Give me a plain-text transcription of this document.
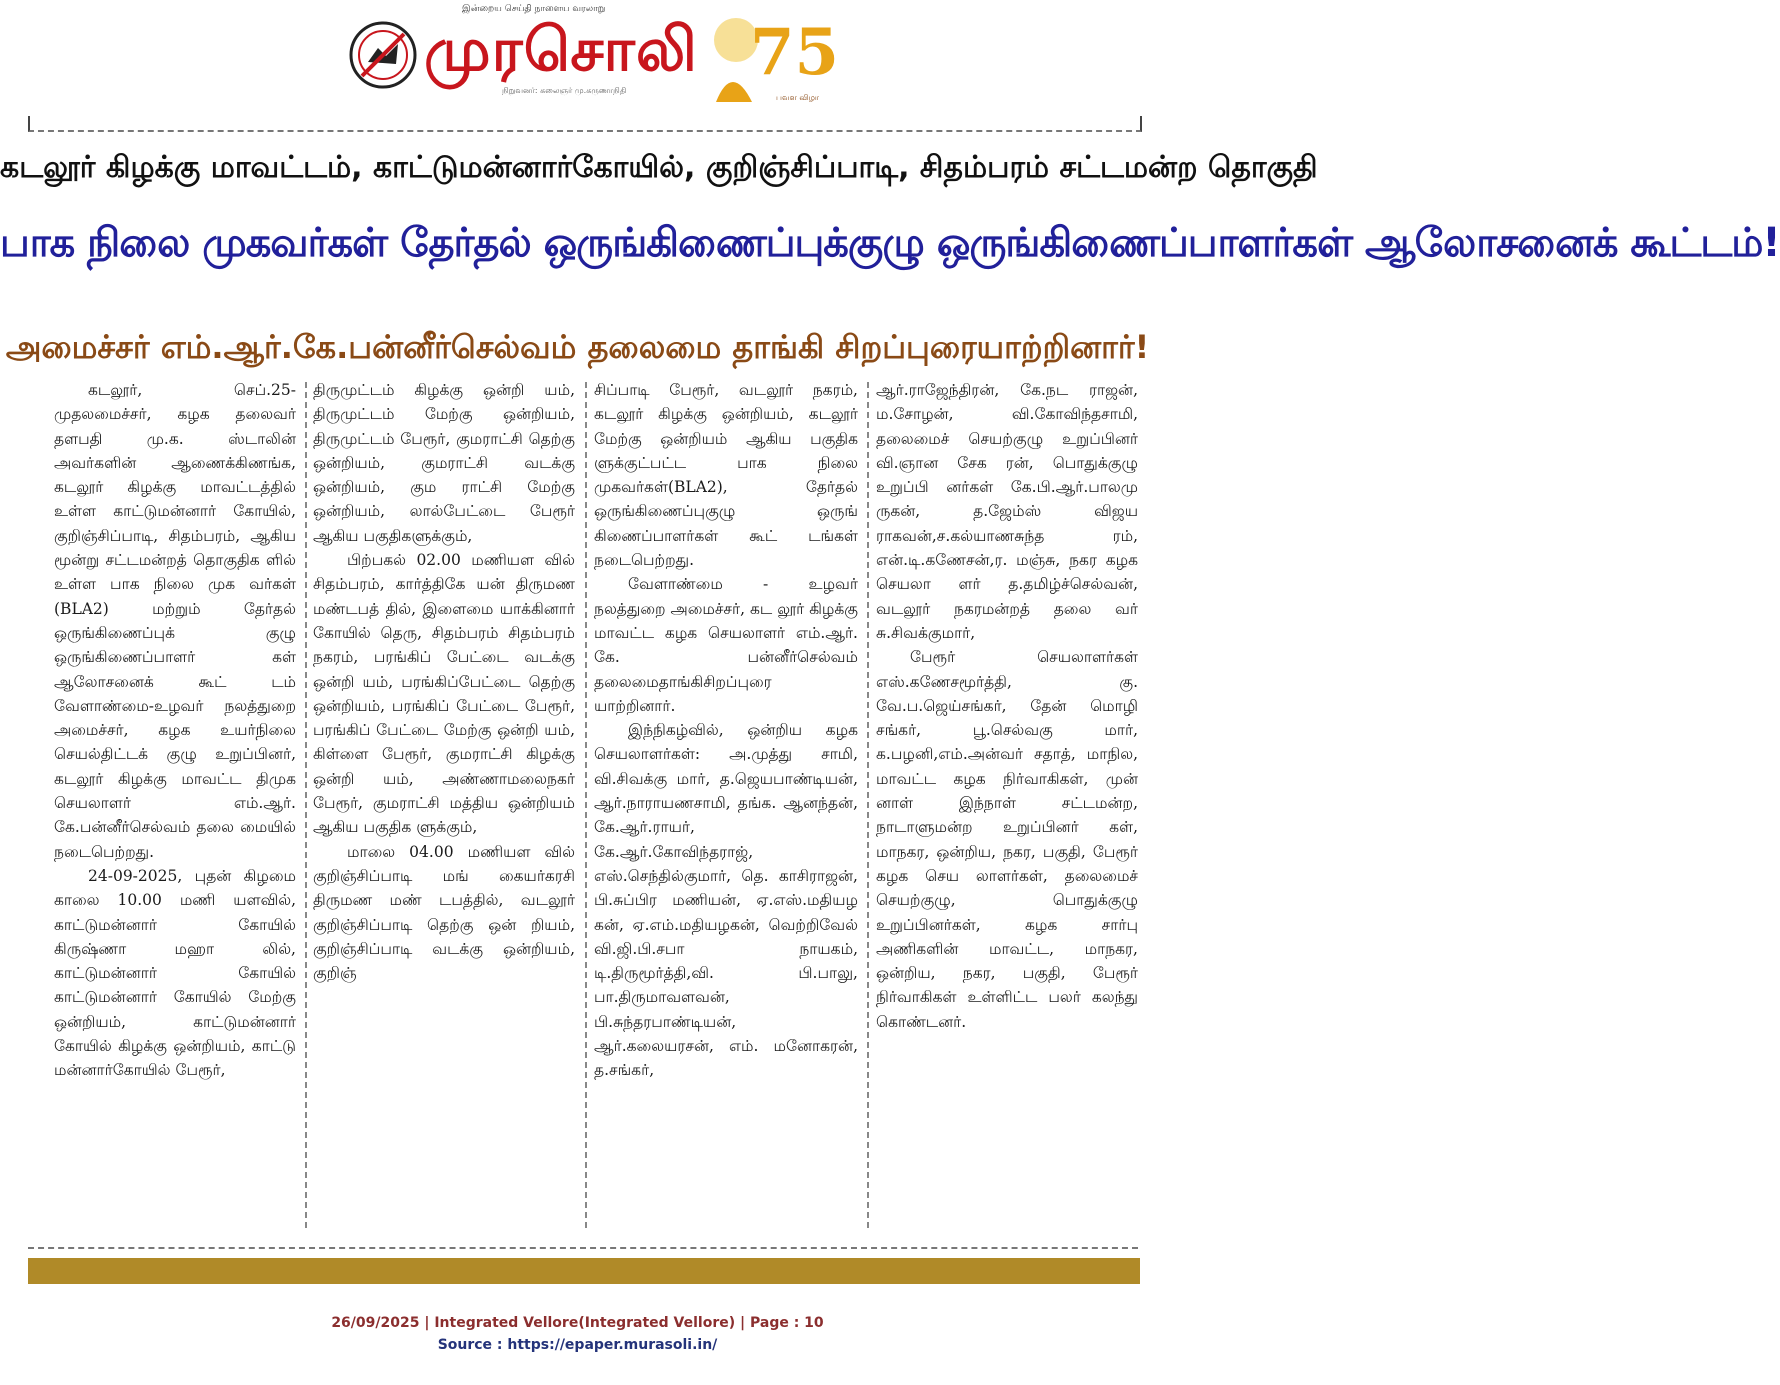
இன்றைய செய்தி நாளைய வரலாறு
முரசொலி
நிறுவனர்: கலைஞர் மு.கருணாநிதி
75
பவள விழா
கடலூர் கிழக்கு மாவட்டம், காட்டுமன்னார்கோயில், குறிஞ்சிப்பாடி, சிதம்பரம் சட்டமன்ற தொகுதி
பாக நிலை முகவர்கள் தேர்தல் ஒருங்கிணைப்புக்குழு ஒருங்கிணைப்பாளர்கள் ஆலோசனைக் கூட்டம்!
அமைச்சர் எம்.ஆர்.கே.பன்னீர்செல்வம் தலைமை தாங்கி சிறப்புரையாற்றினார்!

கடலூர், செப்.25- முதலமைச்சர், கழக தலைவர் தளபதி மு.க. ஸ்டாலின் அவர்களின் ஆணைக்கிணங்க, கடலூர் கிழக்கு மாவட்டத்தில் உள்ள காட்டுமன்னார் கோயில், குறிஞ்சிப்பாடி, சிதம்பரம், ஆகிய மூன்று சட்டமன்றத் தொகுதிக ளில் உள்ள பாக நிலை முக வர்கள் (BLA2) மற்றும் தேர்தல் ஒருங்கிணைப்புக் குழு ஒருங்கிணைப்பாளர் கள் ஆலோசனைக் கூட் டம் வேளாண்மை-உழவர் நலத்துறை அமைச்சர், கழக உயர்நிலை செயல்திட்டக் குழு உறுப்பினர், கடலூர் கிழக்கு மாவட்ட திமுக செயலாளர் எம்.ஆர். கே.பன்னீர்செல்வம் தலை மையில் நடைபெற்றது.

24-09-2025, புதன் கிழமை காலை 10.00 மணி யளவில், காட்டுமன்னார் கோயில் கிருஷ்ணா மஹா லில், காட்டுமன்னார் கோயில் காட்டுமன்னார் கோயில் மேற்கு ஒன்றியம், காட்டுமன்னார் கோயில் கிழக்கு ஒன்றியம், காட்டு மன்னார்கோயில் பேரூர்,

திருமுட்டம் கிழக்கு ஒன்றி யம், திருமுட்டம் மேற்கு ஒன்றியம், திருமுட்டம் பேரூர், குமராட்சி தெற்கு ஒன்றியம், குமராட்சி வடக்கு ஒன்றியம், கும ராட்சி மேற்கு ஒன்றியம், லால்பேட்டை பேரூர் ஆகிய பகுதிகளுக்கும்,

பிற்பகல் 02.00 மணியள வில் சிதம்பரம், கார்த்திகே யன் திருமண மண்டபத் தில், இளைமை யாக்கினார் கோயில் தெரு, சிதம்பரம் சிதம்பரம் நகரம், பரங்கிப் பேட்டை வடக்கு ஒன்றி யம், பரங்கிப்பேட்டை தெற்கு ஒன்றியம், பரங்கிப் பேட்டை பேரூர், பரங்கிப் பேட்டை மேற்கு ஒன்றி யம், கிள்ளை பேரூர், குமராட்சி கிழக்கு ஒன்றி யம், அண்ணாமலைநகர் பேரூர், குமராட்சி மத்திய ஒன்றியம் ஆகிய பகுதிக ளுக்கும்,

மாலை 04.00 மணியள வில் குறிஞ்சிப்பாடி மங் கையர்கரசி திருமண மண் டபத்தில், வடலூர் குறிஞ்சிப்பாடி தெற்கு ஒன் றியம், குறிஞ்சிப்பாடி வடக்கு ஒன்றியம், குறிஞ்

சிப்பாடி பேரூர், வடலூர் நகரம், கடலூர் கிழக்கு ஒன்றியம், கடலூர் மேற்கு ஒன்றியம் ஆகிய பகுதிக ளுக்குட்பட்ட பாக நிலை முகவர்கள்(BLA2), தேர்தல் ஒருங்கிணைப்புகுழு ஒருங் கிணைப்பாளர்கள் கூட் டங்கள் நடைபெற்றது.

வேளாண்மை - உழவர் நலத்துறை அமைச்சர், கட லூர் கிழக்கு மாவட்ட கழக செயலாளர் எம்.ஆர். கே. பன்னீர்செல்வம் தலைமைதாங்கிசிறப்புரை யாற்றினார்.

இந்நிகழ்வில், ஒன்றிய கழக செயலாளர்கள்: அ.முத்து சாமி, வி.சிவக்கு மார், த.ஜெயபாண்டியன், ஆர்.நாராயணசாமி, தங்க. ஆனந்தன், கே.ஆர்.ராயர், கே.ஆர்.கோவிந்தராஜ், எஸ்.செந்தில்குமார், தெ. காசிராஜன், பி.சுப்பிர மணியன், ஏ.எஸ்.மதியழ கன், ஏ.எம்.மதியழகன், வெற்றிவேல் வி.ஜி.பி.சபா நாயகம், டி.திருமூர்த்தி,வி. பி.பாலு, பா.திருமாவளவன், பி.சுந்தரபாண்டியன், ஆர்.கலையரசன், எம். மனோகரன், த.சங்கர்,

ஆர்.ராஜேந்திரன், கே.நட ராஜன், ம.சோழன், வி.கோவிந்தசாமி, தலைமைச் செயற்குழு உறுப்பினர் வி.ஞான சேக ரன், பொதுக்குழு உறுப்பி னர்கள் கே.பி.ஆர்.பாலமு ருகன், த.ஜேம்ஸ் விஜய ராகவன்,ச.கல்யாணசுந்த ரம், என்.டி.கணேசன்,ர. மஞ்சு, நகர கழக செயலா ளர் த.தமிழ்ச்செல்வன், வடலூர் நகரமன்றத் தலை வர் சு.சிவக்குமார்,

பேரூர் செயலாளர்கள் எஸ்.கணேசமூர்த்தி, கு. வே.ப.ஜெய்சங்கர், தேன் மொழி சங்கர், பூ.செல்வகு மார், க.பழனி,எம்.அன்வர் சதாத், மாநில, மாவட்ட கழக நிர்வாகிகள், முன் னாள் இந்நாள் சட்டமன்ற, நாடாளுமன்ற உறுப்பினர் கள், மாநகர, ஒன்றிய, நகர, பகுதி, பேரூர் கழக செய லாளர்கள், தலைமைச் செயற்குழு, பொதுக்குழு உறுப்பினர்கள், கழக சார்பு அணிகளின் மாவட்ட, மாநகர, ஒன்றிய, நகர, பகுதி, பேரூர் நிர்வாகிகள் உள்ளிட்ட பலர் கலந்து கொண்டனர்.

26/09/2025 | Integrated Vellore(Integrated Vellore) | Page : 10
Source : https://epaper.murasoli.in/
